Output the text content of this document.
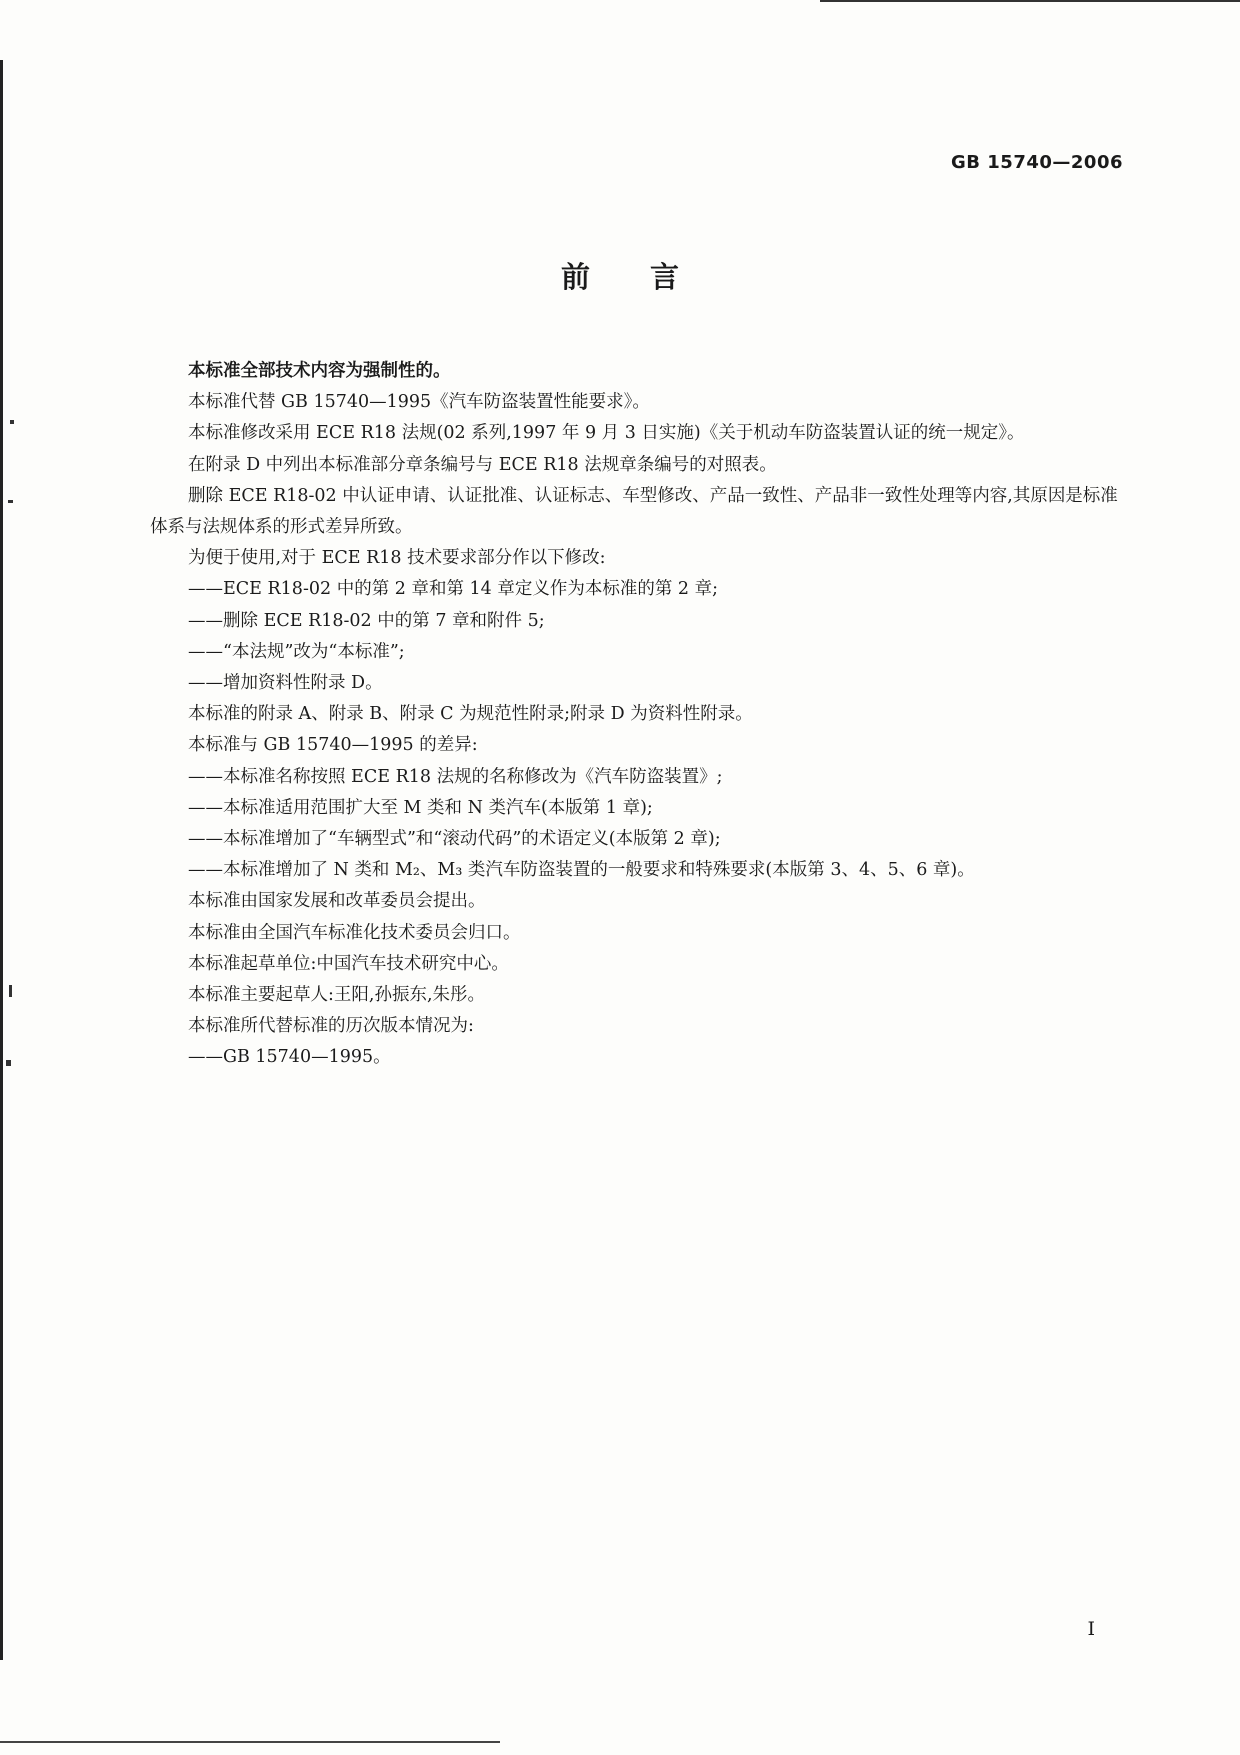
GB 15740—2006
前言

本标准全部技术内容为强制性的。

本标准代替 GB 15740—1995《汽车防盗装置性能要求》。

本标准修改采用 ECE R18 法规(02 系列,1997 年 9 月 3 日实施)《关于机动车防盗装置认证的统一规定》。

在附录 D 中列出本标准部分章条编号与 ECE R18 法规章条编号的对照表。

删除 ECE R18-02 中认证申请、认证批准、认证标志、车型修改、产品一致性、产品非一致性处理等内容,其原因是标准体系与法规体系的形式差异所致。

为便于使用,对于 ECE R18 技术要求部分作以下修改:

——ECE R18-02 中的第 2 章和第 14 章定义作为本标准的第 2 章;

——删除 ECE R18-02 中的第 7 章和附件 5;

——“本法规”改为“本标准”;

——增加资料性附录 D。

本标准的附录 A、附录 B、附录 C 为规范性附录;附录 D 为资料性附录。

本标准与 GB 15740—1995 的差异:

——本标准名称按照 ECE R18 法规的名称修改为《汽车防盗装置》;

——本标准适用范围扩大至 M 类和 N 类汽车(本版第 1 章);

——本标准增加了“车辆型式”和“滚动代码”的术语定义(本版第 2 章);

——本标准增加了 N 类和 M₂、M₃ 类汽车防盗装置的一般要求和特殊要求(本版第 3、4、5、6 章)。

本标准由国家发展和改革委员会提出。

本标准由全国汽车标准化技术委员会归口。

本标准起草单位:中国汽车技术研究中心。

本标准主要起草人:王阳,孙振东,朱彤。

本标准所代替标准的历次版本情况为:

——GB 15740—1995。

I
